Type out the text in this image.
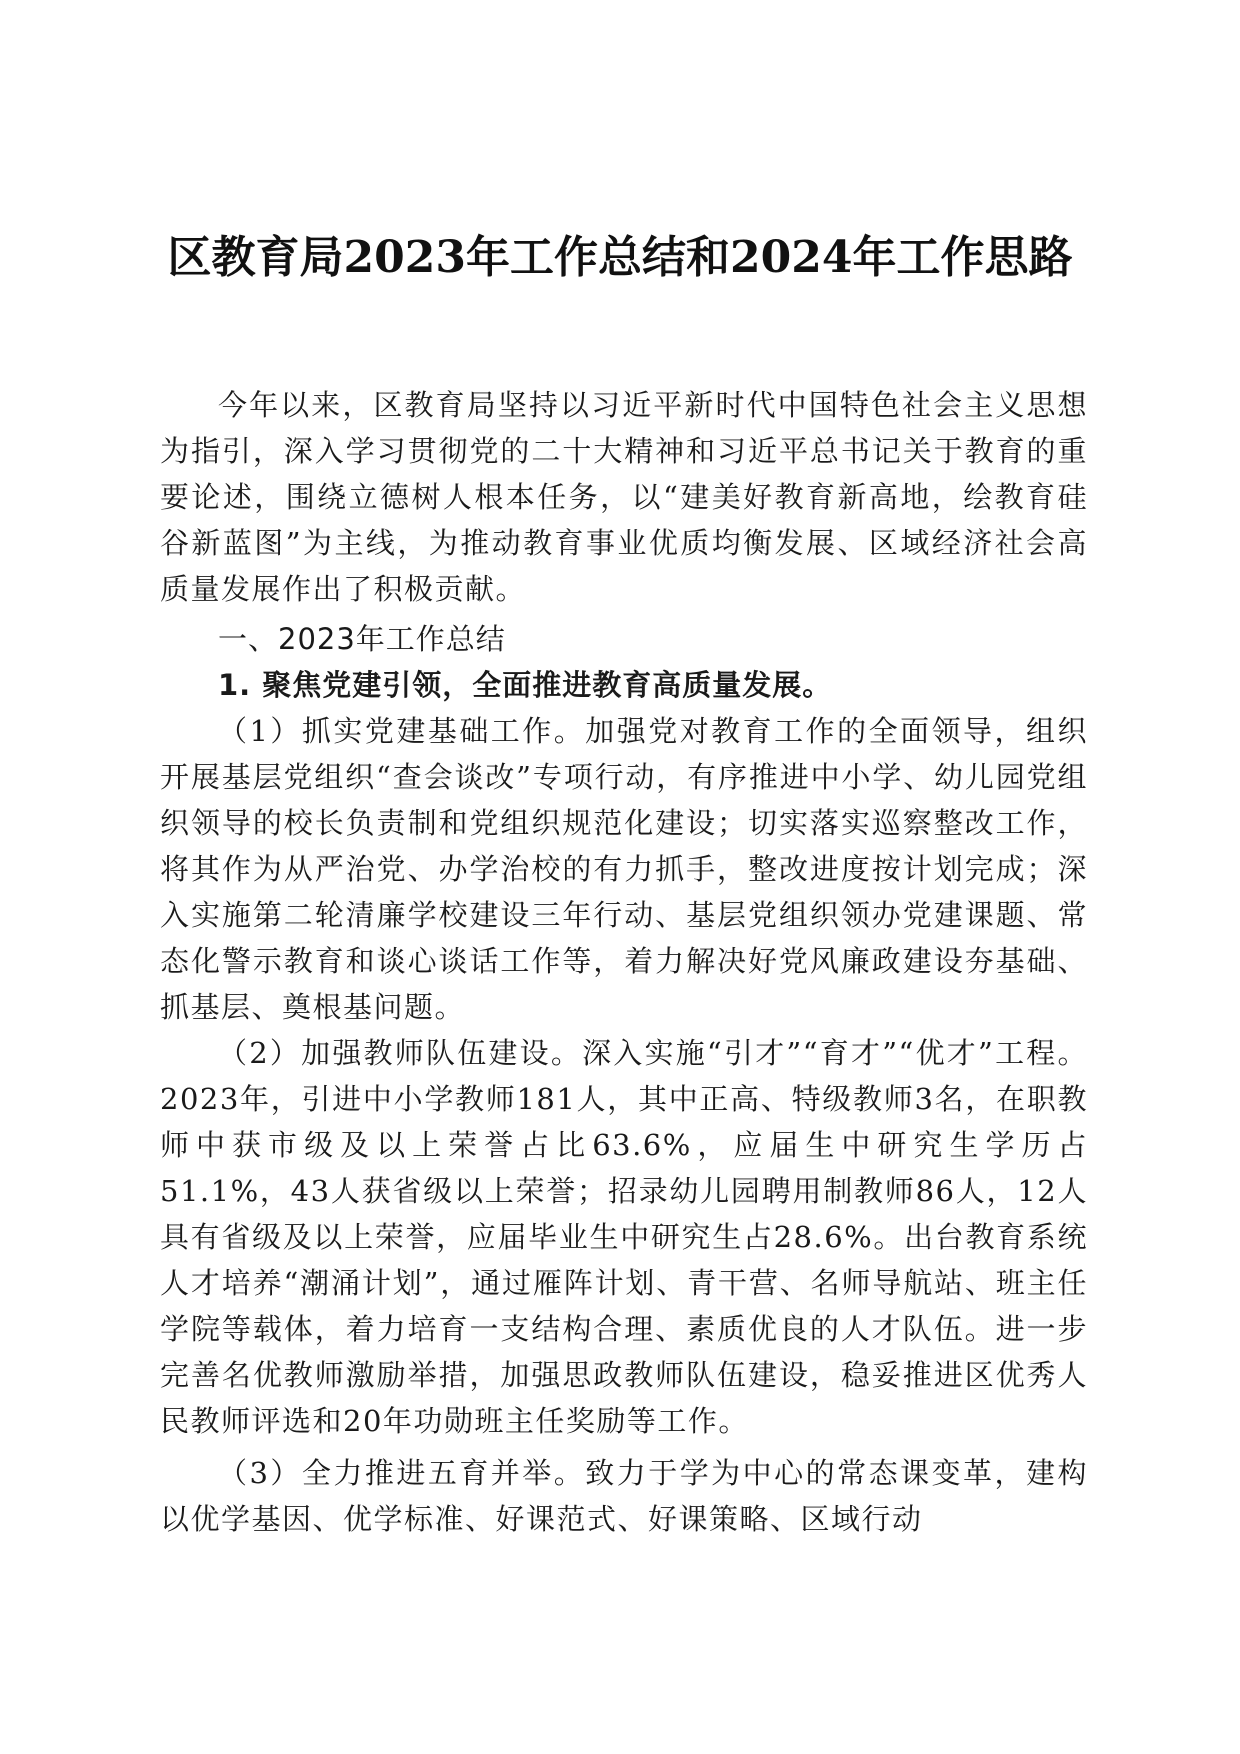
区教育局2023年工作总结和2024年工作思路

今年以来，区教育局坚持以习近平新时代中国特色社会主义思想为指引，深入学习贯彻党的二十大精神和习近平总书记关于教育的重要论述，围绕立德树人根本任务，以“建美好教育新高地，绘教育硅谷新蓝图”为主线，为推动教育事业优质均衡发展、区域经济社会高质量发展作出了积极贡献。

一、2023年工作总结

1. 聚焦党建引领，全面推进教育高质量发展。

（1）抓实党建基础工作。加强党对教育工作的全面领导，组织开展基层党组织“查会谈改”专项行动，有序推进中小学、幼儿园党组织领导的校长负责制和党组织规范化建设；切实落实巡察整改工作，将其作为从严治党、办学治校的有力抓手，整改进度按计划完成；深入实施第二轮清廉学校建设三年行动、基层党组织领办党建课题、常态化警示教育和谈心谈话工作等，着力解决好党风廉政建设夯基础、抓基层、奠根基问题。

（2）加强教师队伍建设。深入实施“引才”“育才”“优才”工程。2023年，引进中小学教师181人，其中正高、特级教师3名，在职教师中获市级及以上荣誉占比63.6%，应届生中研究生学历占51.1%，43人获省级以上荣誉；招录幼儿园聘用制教师86人，12人具有省级及以上荣誉，应届毕业生中研究生占28.6%。出台教育系统人才培养“潮涌计划”，通过雁阵计划、青干营、名师导航站、班主任学院等载体，着力培育一支结构合理、素质优良的人才队伍。进一步完善名优教师激励举措，加强思政教师队伍建设，稳妥推进区优秀人民教师评选和20年功勋班主任奖励等工作。

（3）全力推进五育并举。致力于学为中心的常态课变革，建构以优学基因、优学标准、好课范式、好课策略、区域行动
